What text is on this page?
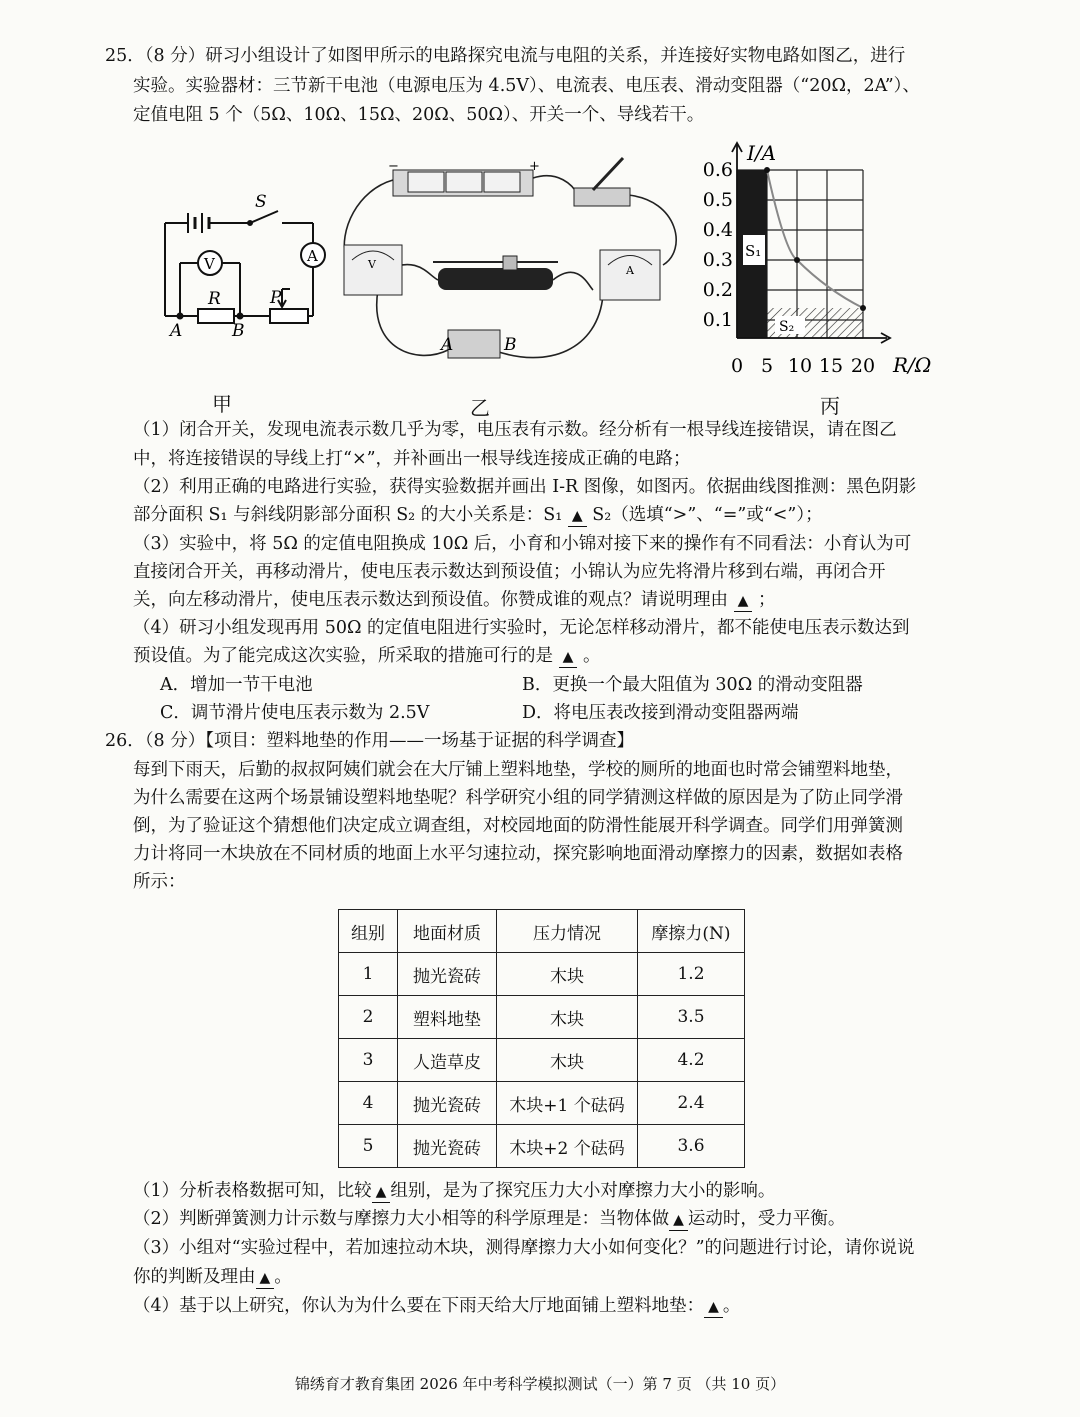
25．（8 分）研习小组设计了如图甲所示的电路探究电流与电阻的关系，并连接好实物电路如图乙，进行
实验。实验器材：三节新干电池（电源电压为 4.5V）、电流表、电压表、滑动变阻器（“20Ω，2A”）、
定值电阻 5 个（5Ω、10Ω、15Ω、20Ω、50Ω）、开关一个、导线若干。
S
A
V
R	P
A	B
甲
−	+
V	A
A	B
乙
S₁
S₂
I/A
R/Ω
0.6
0.5
0.4
0.3
0.2
0.1
0 5 10 15 20
丙
（1）闭合开关，发现电流表示数几乎为零，电压表有示数。经分析有一根导线连接错误，请在图乙
中，将连接错误的导线上打“×”，并补画出一根导线连接成正确的电路；
（2）利用正确的电路进行实验，获得实验数据并画出 I-R 图像，如图丙。依据曲线图推测：黑色阴影
部分面积 S₁ 与斜线阴影部分面积 S₂ 的大小关系是：S₁ ▲ S₂（选填“>”、“=”或“<”）；
（3）实验中，将 5Ω 的定值电阻换成 10Ω 后，小育和小锦对接下来的操作有不同看法：小育认为可
直接闭合开关，再移动滑片，使电压表示数达到预设值；小锦认为应先将滑片移到右端，再闭合开
关，向左移动滑片，使电压表示数达到预设值。你赞成谁的观点？请说明理由 ▲ ；
（4）研习小组发现再用 50Ω 的定值电阻进行实验时，无论怎样移动滑片，都不能使电压表示数达到
预设值。为了能完成这次实验，所采取的措施可行的是 ▲ 。
A．增加一节干电池	B．更换一个最大阻值为 30Ω 的滑动变阻器
C．调节滑片使电压表示数为 2.5V	D．将电压表改接到滑动变阻器两端
26．（8 分）【项目：塑料地垫的作用——一场基于证据的科学调查】
每到下雨天，后勤的叔叔阿姨们就会在大厅铺上塑料地垫，学校的厕所的地面也时常会铺塑料地垫，
为什么需要在这两个场景铺设塑料地垫呢？科学研究小组的同学猜测这样做的原因是为了防止同学滑
倒，为了验证这个猜想他们决定成立调查组，对校园地面的防滑性能展开科学调查。同学们用弹簧测
力计将同一木块放在不同材质的地面上水平匀速拉动，探究影响地面滑动摩擦力的因素，数据如表格
所示：
组别	地面材质	压力情况	摩擦力(N)
1	抛光瓷砖	木块	1.2
2	塑料地垫	木块	3.5
3	人造草皮	木块	4.2
4	抛光瓷砖	木块+1 个砝码	2.4
5	抛光瓷砖	木块+2 个砝码	3.6
（1）分析表格数据可知，比较 ▲ 组别，是为了探究压力大小对摩擦力大小的影响。
（2）判断弹簧测力计示数与摩擦力大小相等的科学原理是：当物体做 ▲ 运动时，受力平衡。
（3）小组对“实验过程中，若加速拉动木块，测得摩擦力大小如何变化？”的问题进行讨论，请你说说
你的判断及理由 ▲ 。
（4）基于以上研究，你认为为什么要在下雨天给大厅地面铺上塑料地垫： ▲ 。
锦绣育才教育集团 2026 年中考科学模拟测试（一）第 7 页 （共 10 页）
